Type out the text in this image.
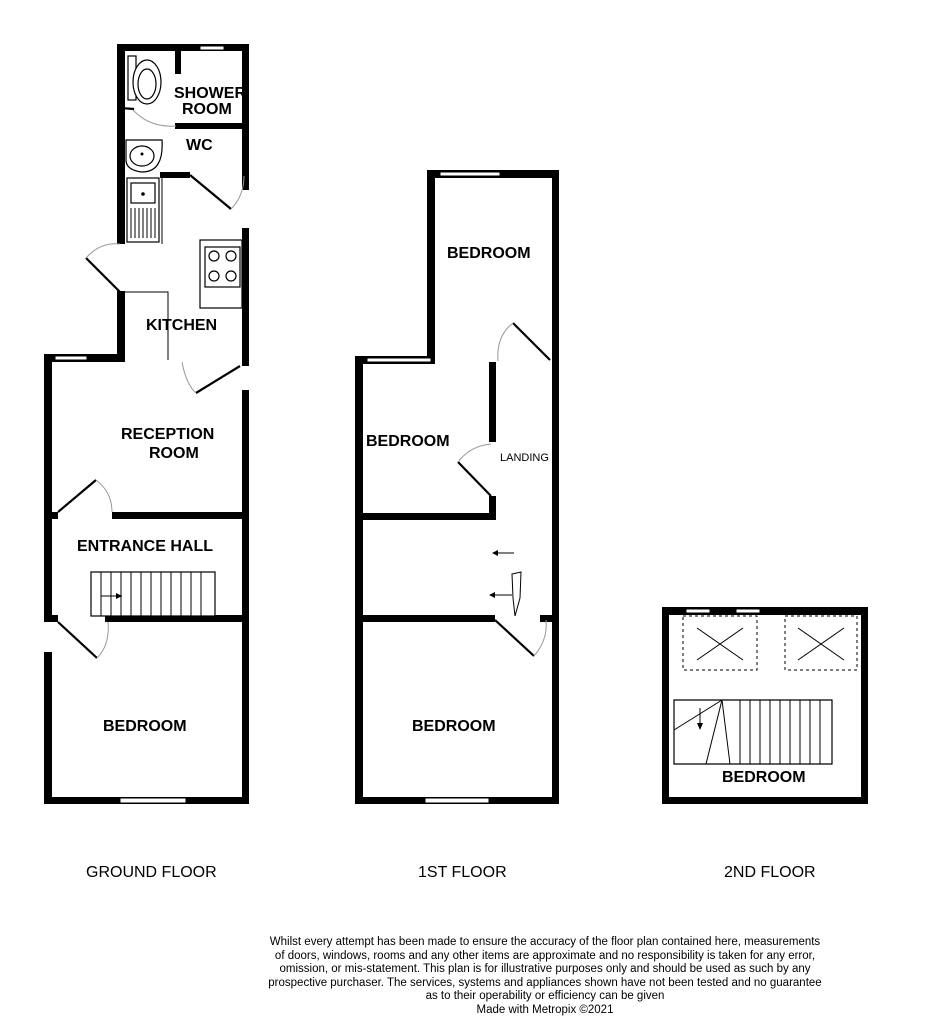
SHOWER
ROOM
WC
KITCHEN
RECEPTION
ROOM
ENTRANCE HALL
BEDROOM
BEDROOM
BEDROOM
LANDING
BEDROOM
BEDROOM
GROUND FLOOR	1ST FLOOR	2ND FLOOR
Whilst every attempt has been made to ensure the accuracy of the floor plan contained here, measurements
of doors, windows, rooms and any other items are approximate and no responsibility is taken for any error,
omission, or mis-statement. This plan is for illustrative purposes only and should be used as such by any
prospective purchaser. The services, systems and appliances shown have not been tested and no guarantee
as to their operability or efficiency can be given
Made with Metropix ©2021
